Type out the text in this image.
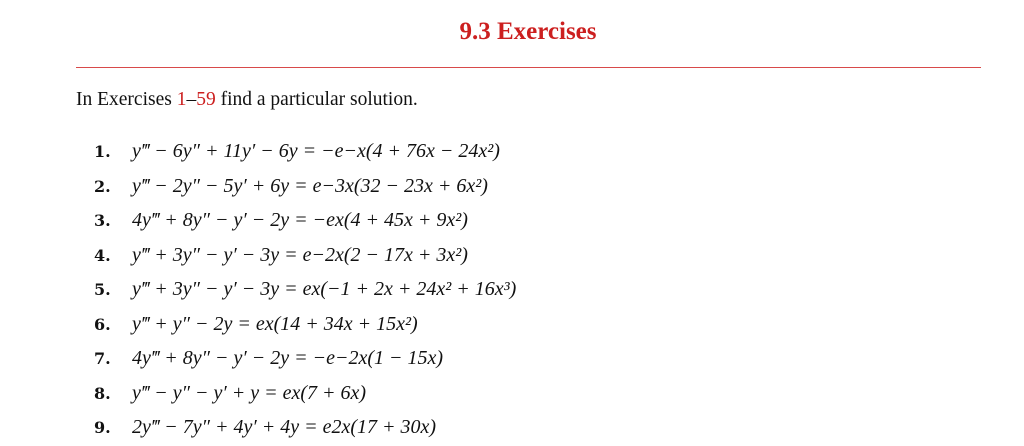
9.3 Exercises
In Exercises 1–59 find a particular solution.
1. y‴ − 6y″ + 11y′ − 6y = −e−x(4 + 76x − 24x²)
2. y‴ − 2y″ − 5y′ + 6y = e−3x(32 − 23x + 6x²)
3. 4y‴ + 8y″ − y′ − 2y = −ex(4 + 45x + 9x²)
4. y‴ + 3y″ − y′ − 3y = e−2x(2 − 17x + 3x²)
5. y‴ + 3y″ − y′ − 3y = ex(−1 + 2x + 24x² + 16x³)
6. y‴ + y″ − 2y = ex(14 + 34x + 15x²)
7. 4y‴ + 8y″ − y′ − 2y = −e−2x(1 − 15x)
8. y‴ − y″ − y′ + y = ex(7 + 6x)
9. 2y‴ − 7y″ + 4y′ + 4y = e2x(17 + 30x)
